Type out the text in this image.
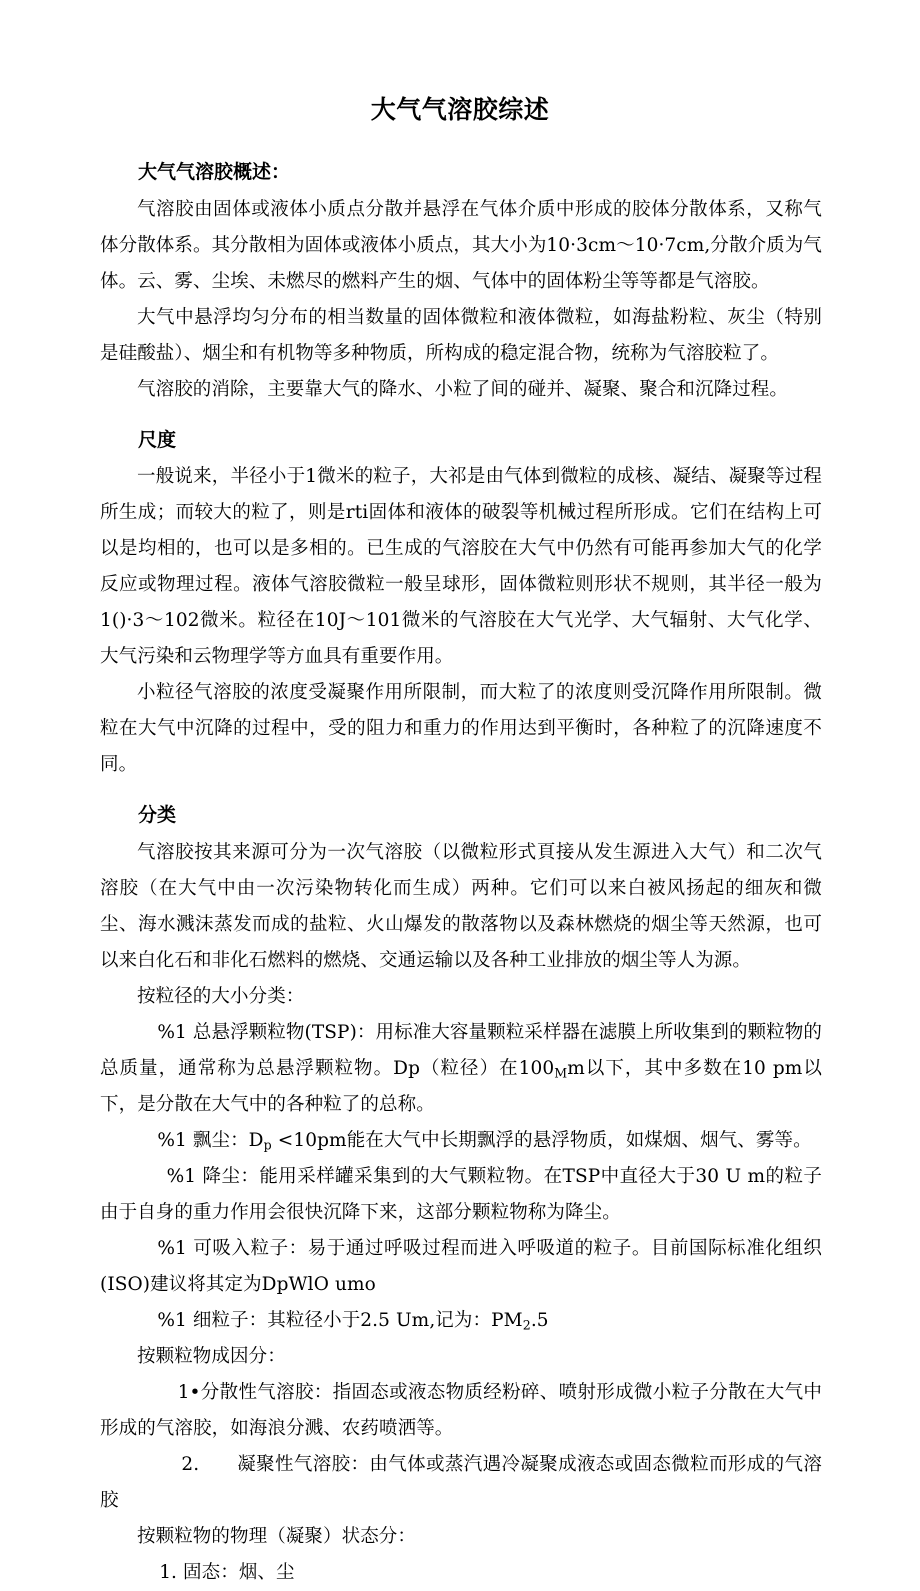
大气气溶胶综述
大气气溶胶概述：

气溶胶由固体或液体小质点分散并悬浮在气体介质中形成的胶体分散体系，又称气体分散体系。其分散相为固体或液体小质点，其大小为10·3cm～10·7cm,分散介质为气体。云、雾、尘埃、未燃尽的燃料产生的烟、气体中的固体粉尘等等都是气溶胶。

大气中悬浮均匀分布的相当数量的固体微粒和液体微粒，如海盐粉粒、灰尘（特别是硅酸盐）、烟尘和有机物等多种物质，所构成的稳定混合物，统称为气溶胶粒了。

气溶胶的消除，主要靠大气的降水、小粒了间的碰并、凝聚、聚合和沉降过程。

尺度

一般说来，半径小于1微米的粒子，大祁是由气体到微粒的成核、凝结、凝聚等过程所生成；而较大的粒了，则是rti固体和液体的破裂等机械过程所形成。它们在结构上可以是均相的，也可以是多相的。已生成的气溶胶在大气中仍然有可能再参加大气的化学反应或物理过程。液体气溶胶微粒一般呈球形，固体微粒则形状不规则，其半径一般为1()·3～102微米。粒径在10J～101微米的气溶胶在大气光学、大气辐射、大气化学、大气污染和云物理学等方血具有重要作用。

小粒径气溶胶的浓度受凝聚作用所限制，而大粒了的浓度则受沉降作用所限制。微粒在大气中沉降的过程中，受的阻力和重力的作用达到平衡时，各种粒了的沉降速度不同。

分类

气溶胶按其来源可分为一次气溶胶（以微粒形式頁接从发生源进入大气）和二次气溶胶（在大气中由一次污染物转化而生成）两种。它们可以来白被风扬起的细灰和微尘、海水溅沫蒸发而成的盐粒、火山爆发的散落物以及森林燃烧的烟尘等天然源，也可以来白化石和非化石燃料的燃烧、交通运输以及各种工业排放的烟尘等人为源。

按粒径的大小分类：

%1 总悬浮颗粒物(TSP)：用标准大容量颗粒采样器在滤膜上所收集到的颗粒物的总质量，通常称为总悬浮颗粒物。Dp（粒径）在$100_Mm$以下，其中多数在10 pm以下，是分散在大气中的各种粒了的总称。

%1 飘尘：$D_p <10pm$能在大气中长期飘浮的悬浮物质，如煤烟、烟气、雾等。

%1 降尘：能用采样罐采集到的大气颗粒物。在TSP中直径大于30 U m的粒子由于自身的重力作用会很快沉降下来，这部分颗粒物称为降尘。

%1 可吸入粒子：易于通过呼吸过程而进入呼吸道的粒子。目前国际标准化组织(ISO)建议将其定为DpWlO umo

%1 细粒子：其粒径小于2.5 Um,记为：$PM_2.5$

按颗粒物成因分：

1•分散性气溶胶：指固态或液态物质经粉碎、喷射形成微小粒子分散在大气中形成的气溶胶，如海浪分溅、农药喷洒等。

2.　　凝聚性气溶胶：由气体或蒸汽遇冷凝聚成液态或固态微粒而形成的气溶胶

按颗粒物的物理（凝聚）状态分：

1. 固态：烟、尘
